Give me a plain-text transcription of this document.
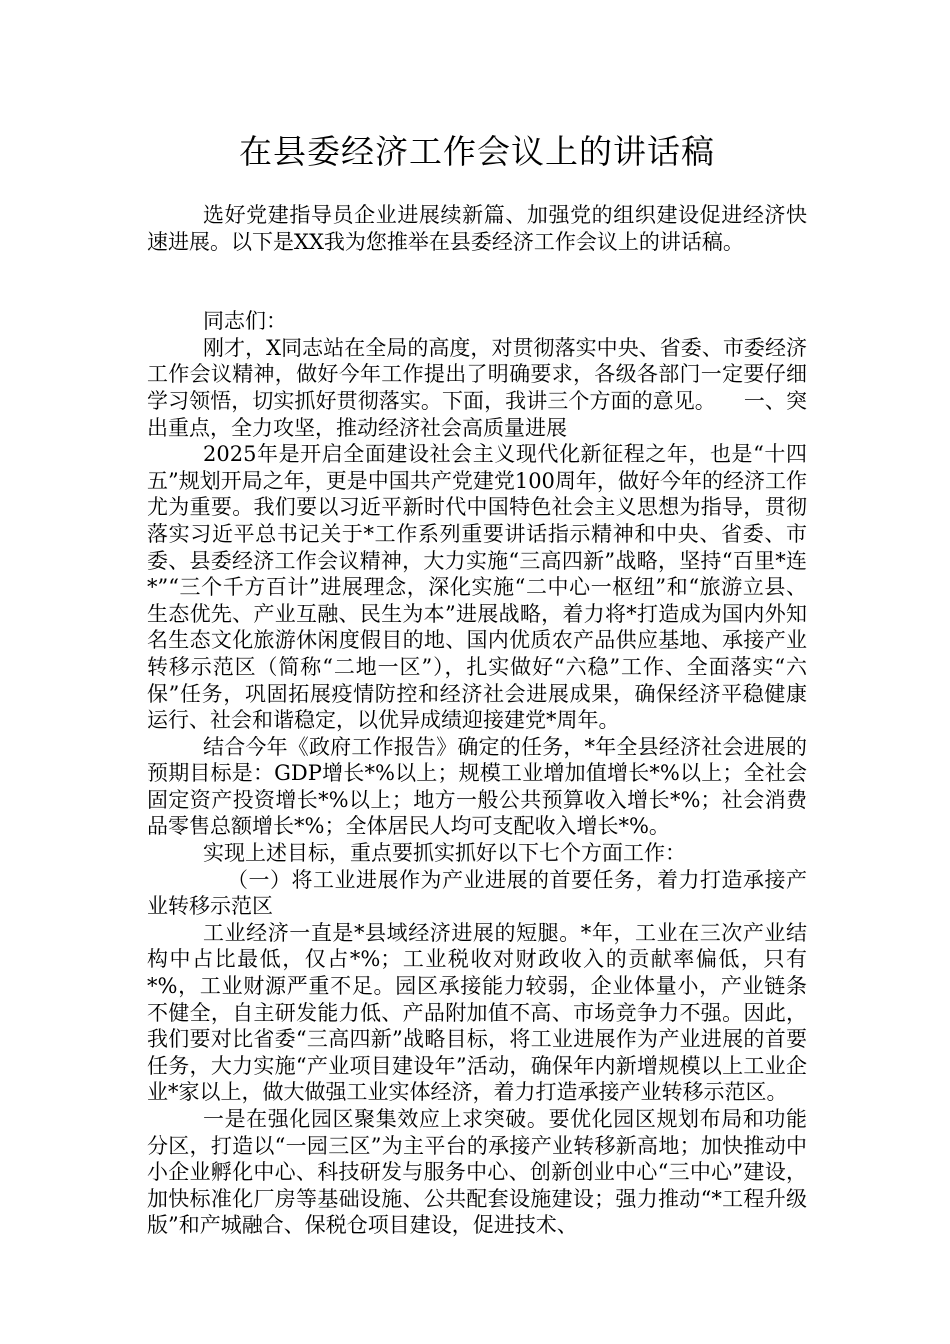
在县委经济工作会议上的讲话稿

选好党建指导员企业进展续新篇、加强党的组织建设促进经济快速进展。以下是XX我为您推举在县委经济工作会议上的讲话稿。

同志们：

刚才，X同志站在全局的高度，对贯彻落实中央、省委、市委经济工作会议精神，做好今年工作提出了明确要求，各级各部门一定要仔细学习领悟，切实抓好贯彻落实。下面，我讲三个方面的意见。 一、突出重点，全力攻坚，推动经济社会高质量进展

2025年是开启全面建设社会主义现代化新征程之年，也是“十四五”规划开局之年，更是中国共产党建党100周年，做好今年的经济工作尤为重要。我们要以习近平新时代中国特色社会主义思想为指导，贯彻落实习近平总书记关于*工作系列重要讲话指示精神和中央、省委、市委、县委经济工作会议精神，大力实施“三高四新”战略，坚持“百里*连*”“三个千方百计”进展理念，深化实施“二中心一枢纽”和“旅游立县、生态优先、产业互融、民生为本”进展战略，着力将*打造成为国内外知名生态文化旅游休闲度假目的地、国内优质农产品供应基地、承接产业转移示范区（简称“二地一区”），扎实做好“六稳”工作、全面落实“六保”任务，巩固拓展疫情防控和经济社会进展成果，确保经济平稳健康运行、社会和谐稳定，以优异成绩迎接建党*周年。

结合今年《政府工作报告》确定的任务，*年全县经济社会进展的预期目标是：GDP增长*%以上；规模工业增加值增长*%以上；全社会固定资产投资增长*%以上；地方一般公共预算收入增长*%；社会消费品零售总额增长*%；全体居民人均可支配收入增长*%。

实现上述目标，重点要抓实抓好以下七个方面工作：

（一）将工业进展作为产业进展的首要任务，着力打造承接产业转移示范区

工业经济一直是*县域经济进展的短腿。*年，工业在三次产业结构中占比最低，仅占*%；工业税收对财政收入的贡献率偏低，只有*%，工业财源严重不足。园区承接能力较弱，企业体量小，产业链条不健全，自主研发能力低、产品附加值不高、市场竞争力不强。因此，我们要对比省委“三高四新”战略目标，将工业进展作为产业进展的首要任务，大力实施“产业项目建设年”活动，确保年内新增规模以上工业企业*家以上，做大做强工业实体经济，着力打造承接产业转移示范区。

一是在强化园区聚集效应上求突破。要优化园区规划布局和功能分区，打造以“一园三区”为主平台的承接产业转移新高地；加快推动中小企业孵化中心、科技研发与服务中心、创新创业中心“三中心”建设，加快标准化厂房等基础设施、公共配套设施建设；强力推动“*工程升级版”和产城融合、保税仓项目建设，促进技术、
